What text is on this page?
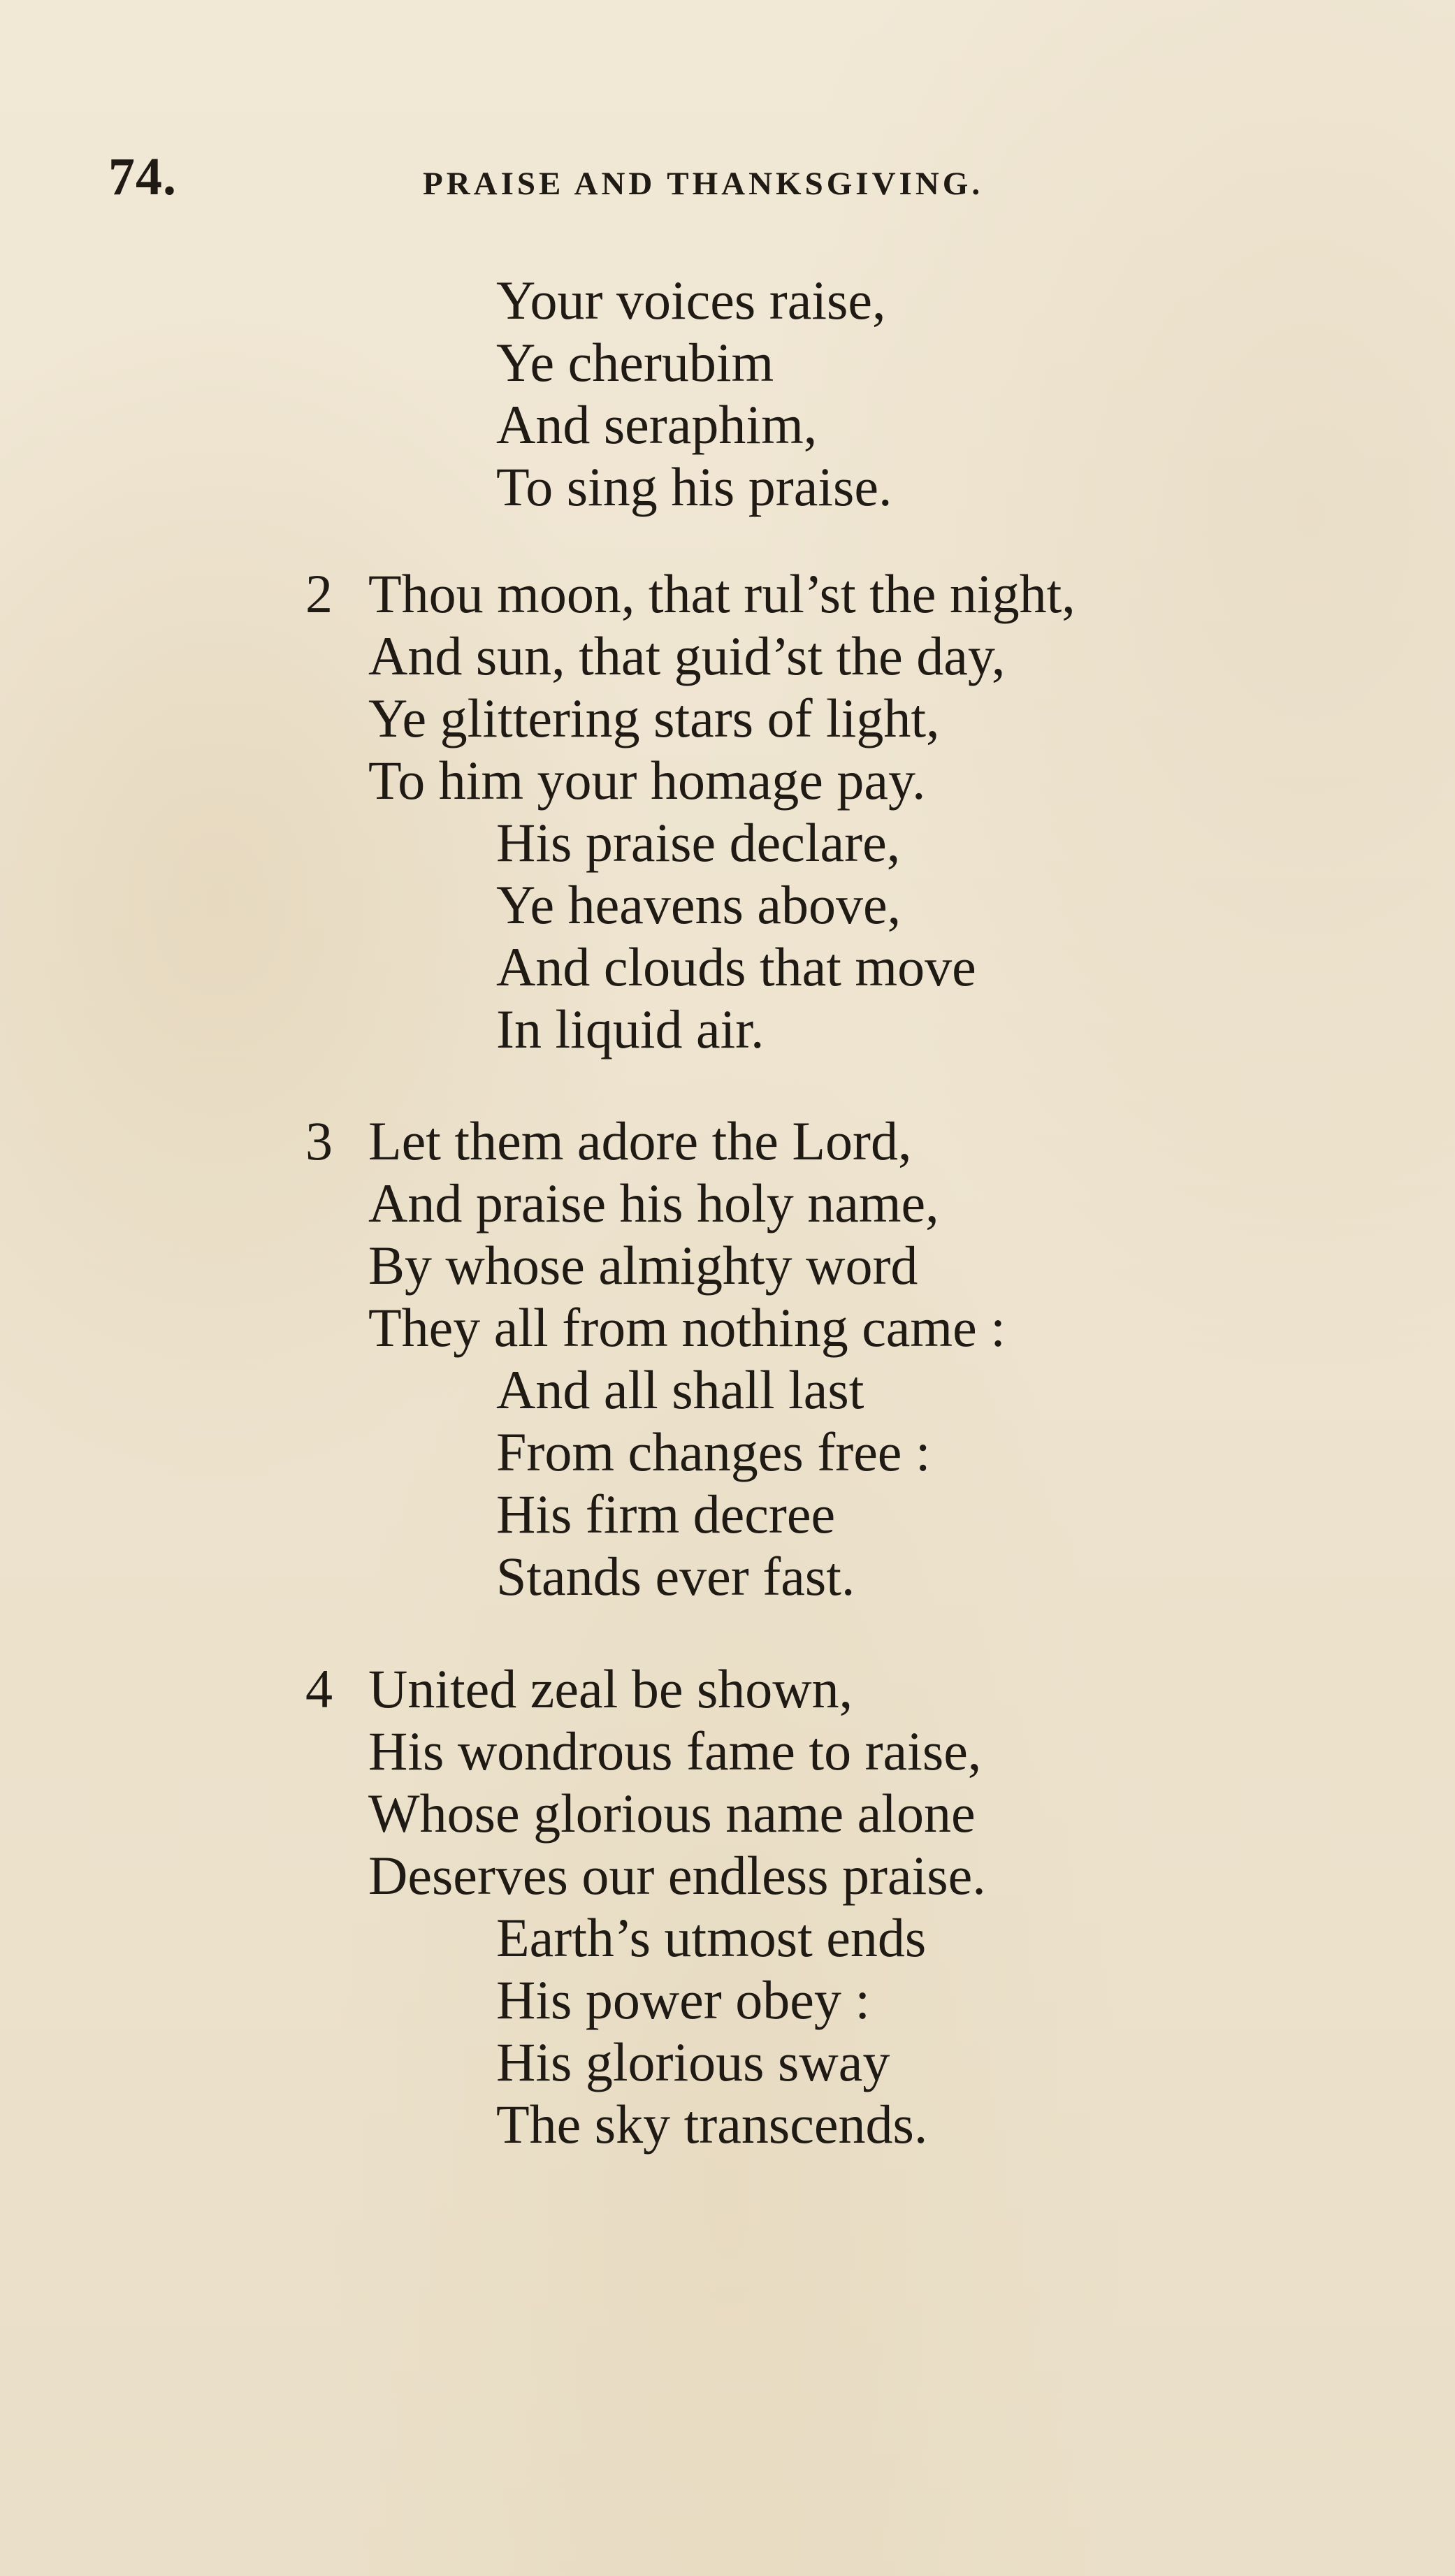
74.	PRAISE AND THANKSGIVING.
Your voices raise,
Ye cherubim
And seraphim,
To sing his praise.
2 Thou moon, that rul’st the night,
And sun, that guid’st the day,
Ye glittering stars of light,
To him your homage pay.
His praise declare,
Ye heavens above,
And clouds that move
In liquid air.
3 Let them adore the Lord,
And praise his holy name,
By whose almighty word
They all from nothing came :
And all shall last
From changes free :
His firm decree
Stands ever fast.
4 United zeal be shown,
His wondrous fame to raise,
Whose glorious name alone
Deserves our endless praise.
Earth’s utmost ends
His power obey :
His glorious sway
The sky transcends.
